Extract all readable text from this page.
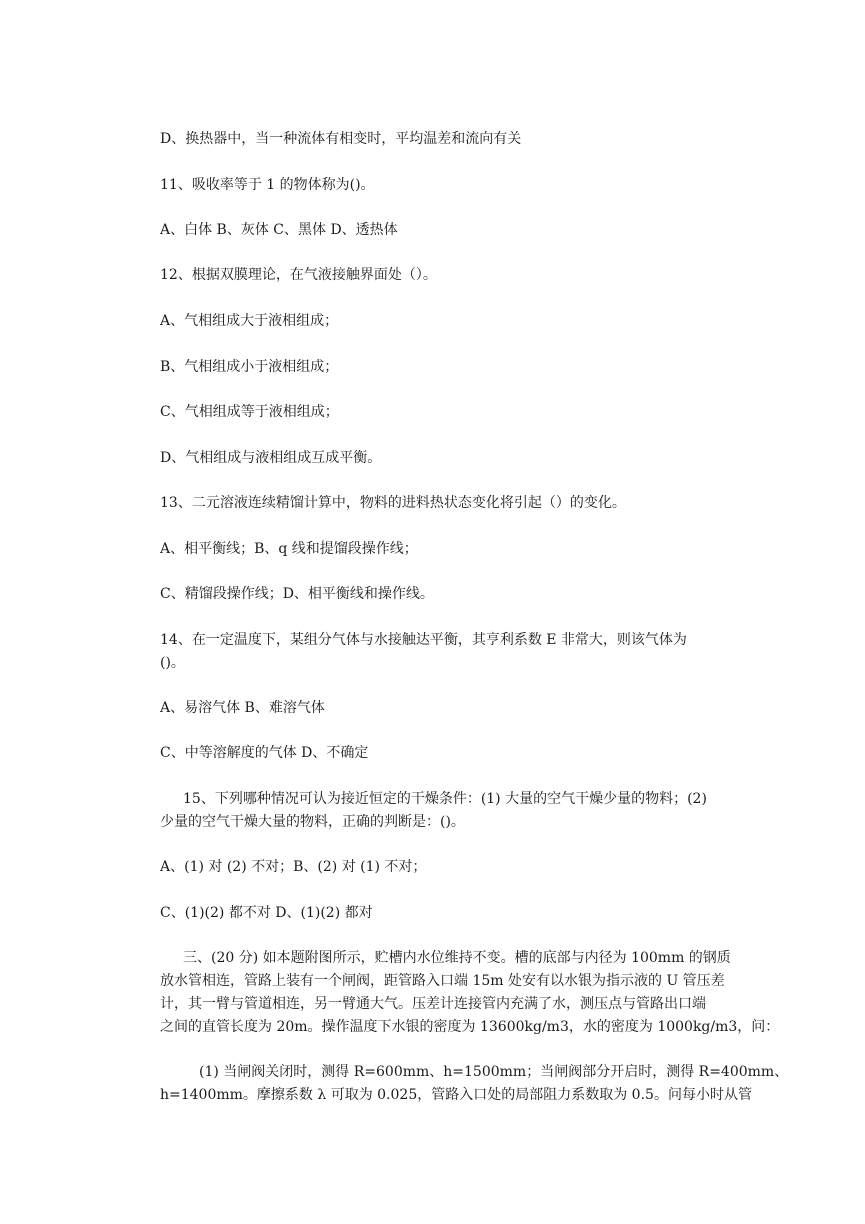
D、换热器中，当一种流体有相变时，平均温差和流向有关

11、吸收率等于 1 的物体称为()。

A、白体 B、灰体 C、黑体 D、透热体

12、根据双膜理论，在气液接触界面处（）。

A、气相组成大于液相组成；

B、气相组成小于液相组成；

C、气相组成等于液相组成；

D、气相组成与液相组成互成平衡。

13、二元溶液连续精馏计算中，物料的进料热状态变化将引起（）的变化。

A、相平衡线；B、q 线和提馏段操作线；

C、精馏段操作线；D、相平衡线和操作线。

14、在一定温度下，某组分气体与水接触达平衡，其亨利系数 E 非常大，则该气体为

()。

A、易溶气体 B、难溶气体

C、中等溶解度的气体 D、不确定

15、下列哪种情况可认为接近恒定的干燥条件：(1) 大量的空气干燥少量的物料；(2)

少量的空气干燥大量的物料，正确的判断是：()。

A、(1) 对 (2) 不对；B、(2) 对 (1) 不对；

C、(1)(2) 都不对 D、(1)(2) 都对

三、(20 分) 如本题附图所示，贮槽内水位维持不变。槽的底部与内径为 100mm 的钢质

放水管相连，管路上装有一个闸阀，距管路入口端 15m 处安有以水银为指示液的 U 管压差

计，其一臂与管道相连，另一臂通大气。压差计连接管内充满了水，测压点与管路出口端

之间的直管长度为 20m。操作温度下水银的密度为 13600kg/m3，水的密度为 1000kg/m3，问：

(1) 当闸阀关闭时，测得 R=600mm、h=1500mm；当闸阀部分开启时，测得 R=400mm、

h=1400mm。摩擦系数 λ 可取为 0.025，管路入口处的局部阻力系数取为 0.5。问每小时从管
